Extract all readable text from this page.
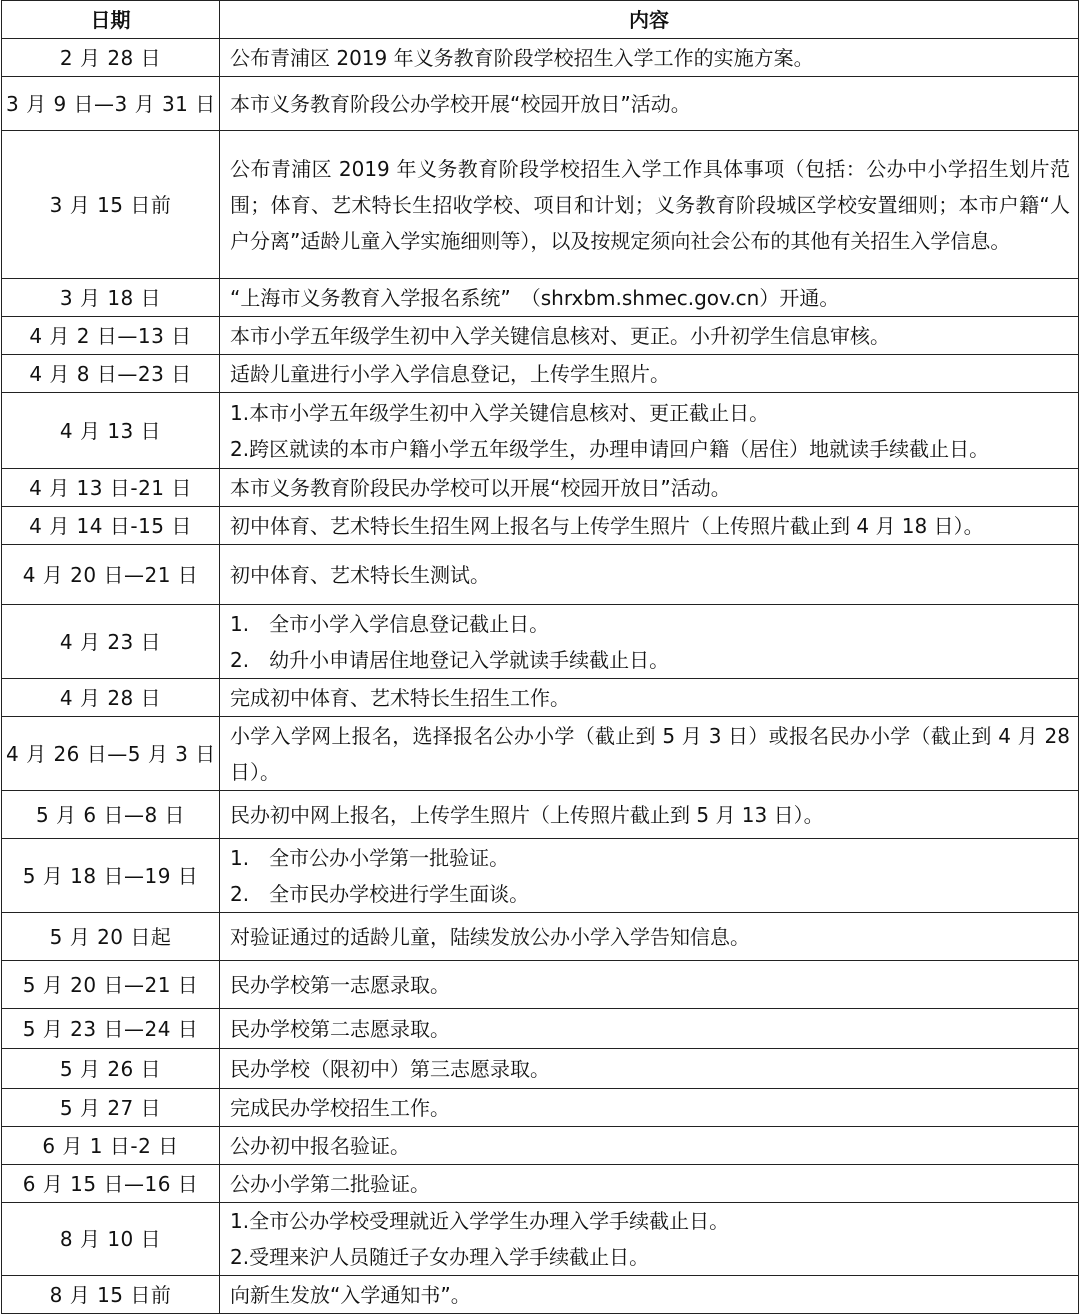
日期	内容
2 月 28 日	公布青浦区 2019 年义务教育阶段学校招生入学工作的实施方案。

3 月 9 日—3 月 31 日	本市义务教育阶段公办学校开展“校园开放日”活动。

3 月 15 日前	公布青浦区 2019 年义务教育阶段学校招生入学工作具体事项（包括：公办中小学招生划片范围；体育、艺术特长生招收学校、项目和计划；义务教育阶段城区学校安置细则；本市户籍“人户分离”适龄儿童入学实施细则等），以及按规定须向社会公布的其他有关招生入学信息。

3 月 18 日	“上海市义务教育入学报名系统”　（shrxbm.shmec.gov.cn）开通。

4 月 2 日—13 日	本市小学五年级学生初中入学关键信息核对、更正。小升初学生信息审核。

4 月 8 日—23 日	适龄儿童进行小学入学信息登记，上传学生照片。

4 月 13 日	1.本市小学五年级学生初中入学关键信息核对、更正截止日。
2.跨区就读的本市户籍小学五年级学生，办理申请回户籍（居住）地就读手续截止日。

4 月 13 日-21 日	本市义务教育阶段民办学校可以开展“校园开放日”活动。

4 月 14 日-15 日	初中体育、艺术特长生招生网上报名与上传学生照片（上传照片截止到 4 月 18 日）。

4 月 20 日—21 日	初中体育、艺术特长生测试。

4 月 23 日	1.　全市小学入学信息登记截止日。
2.　幼升小申请居住地登记入学就读手续截止日。

4 月 28 日	完成初中体育、艺术特长生招生工作。

4 月 26 日—5 月 3 日	小学入学网上报名，选择报名公办小学（截止到 5 月 3 日）或报名民办小学（截止到 4 月 28 日）。

5 月 6 日—8 日	民办初中网上报名，上传学生照片（上传照片截止到 5 月 13 日）。

5 月 18 日—19 日	1.　全市公办小学第一批验证。
2.　全市民办学校进行学生面谈。

5 月 20 日起	对验证通过的适龄儿童，陆续发放公办小学入学告知信息。

5 月 20 日—21 日	民办学校第一志愿录取。

5 月 23 日—24 日	民办学校第二志愿录取。

5 月 26 日	民办学校（限初中）第三志愿录取。

5 月 27 日	完成民办学校招生工作。

6 月 1 日-2 日	公办初中报名验证。

6 月 15 日—16 日	公办小学第二批验证。

8 月 10 日	1.全市公办学校受理就近入学学生办理入学手续截止日。
2.受理来沪人员随迁子女办理入学手续截止日。

8 月 15 日前	向新生发放“入学通知书”。
